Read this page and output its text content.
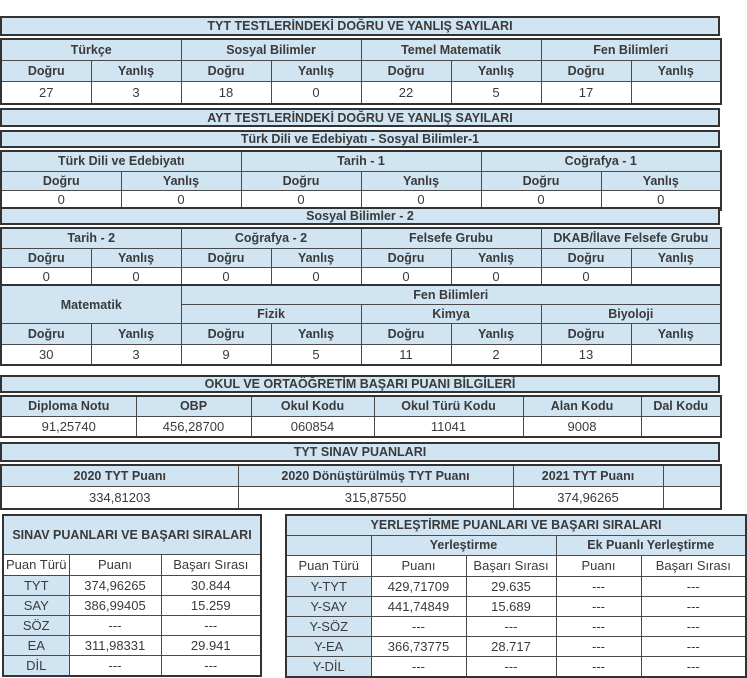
TYT TESTLERİNDEKİ DOĞRU VE YANLIŞ SAYILARI
Türkçe		Sosyal Bilimler		Temel Matematik		Fen Bilimleri	
Doğru	Yanlış	Doğru	Yanlış	Doğru	Yanlış	Doğru	Yanlış
27	3	18	0	22	5	17	
AYT TESTLERİNDEKİ DOĞRU VE YANLIŞ SAYILARI
Türk Dili ve Edebiyatı - Sosyal Bilimler-1
Türk Dili ve Edebiyatı		Tarih - 1		Coğrafya - 1	
Doğru	Yanlış	Doğru	Yanlış	Doğru	Yanlış
0	0	0	0	0	0
Sosyal Bilimler - 2
Tarih - 2		Coğrafya - 2		Felsefe Grubu		DKAB/İlave Felsefe Grubu	
Doğru	Yanlış	Doğru	Yanlış	Doğru	Yanlış	Doğru	Yanlış
0	0	0	0	0	0	0	
Matematik		Fen Bilimleri					
		Fizik		Kimya		Biyoloji	
Doğru	Yanlış	Doğru	Yanlış	Doğru	Yanlış	Doğru	Yanlış
30	3	9	5	11	2	13	
OKUL VE ORTAÖĞRETİM BAŞARI PUANI BİLGİLERİ
Diploma Notu	OBP	Okul Kodu	Okul Türü Kodu	Alan Kodu	Dal Kodu
91,25740	456,28700	060854	11041	9008	
TYT SINAV PUANLARI
2020 TYT Puanı	2020 Dönüştürülmüş TYT Puanı	2021 TYT Puanı	
334,81203	315,87550	374,96265	
SINAV PUANLARI VE BAŞARI SIRALARI		
Puan Türü	Puanı	Başarı Sırası
TYT	374,96265	30.844
SAY	386,99405	15.259
SÖZ	---	---
EA	311,98331	29.941
DİL	---	---
YERLEŞTİRME PUANLARI VE BAŞARI SIRALARI				
	Yerleştirme		Ek Puanlı Yerleştirme	
Puan Türü	Puanı	Başarı Sırası	Puanı	Başarı Sırası
Y-TYT	429,71709	29.635	---	---
Y-SAY	441,74849	15.689	---	---
Y-SÖZ	---	---	---	---
Y-EA	366,73775	28.717	---	---
Y-DİL	---	---	---	---
